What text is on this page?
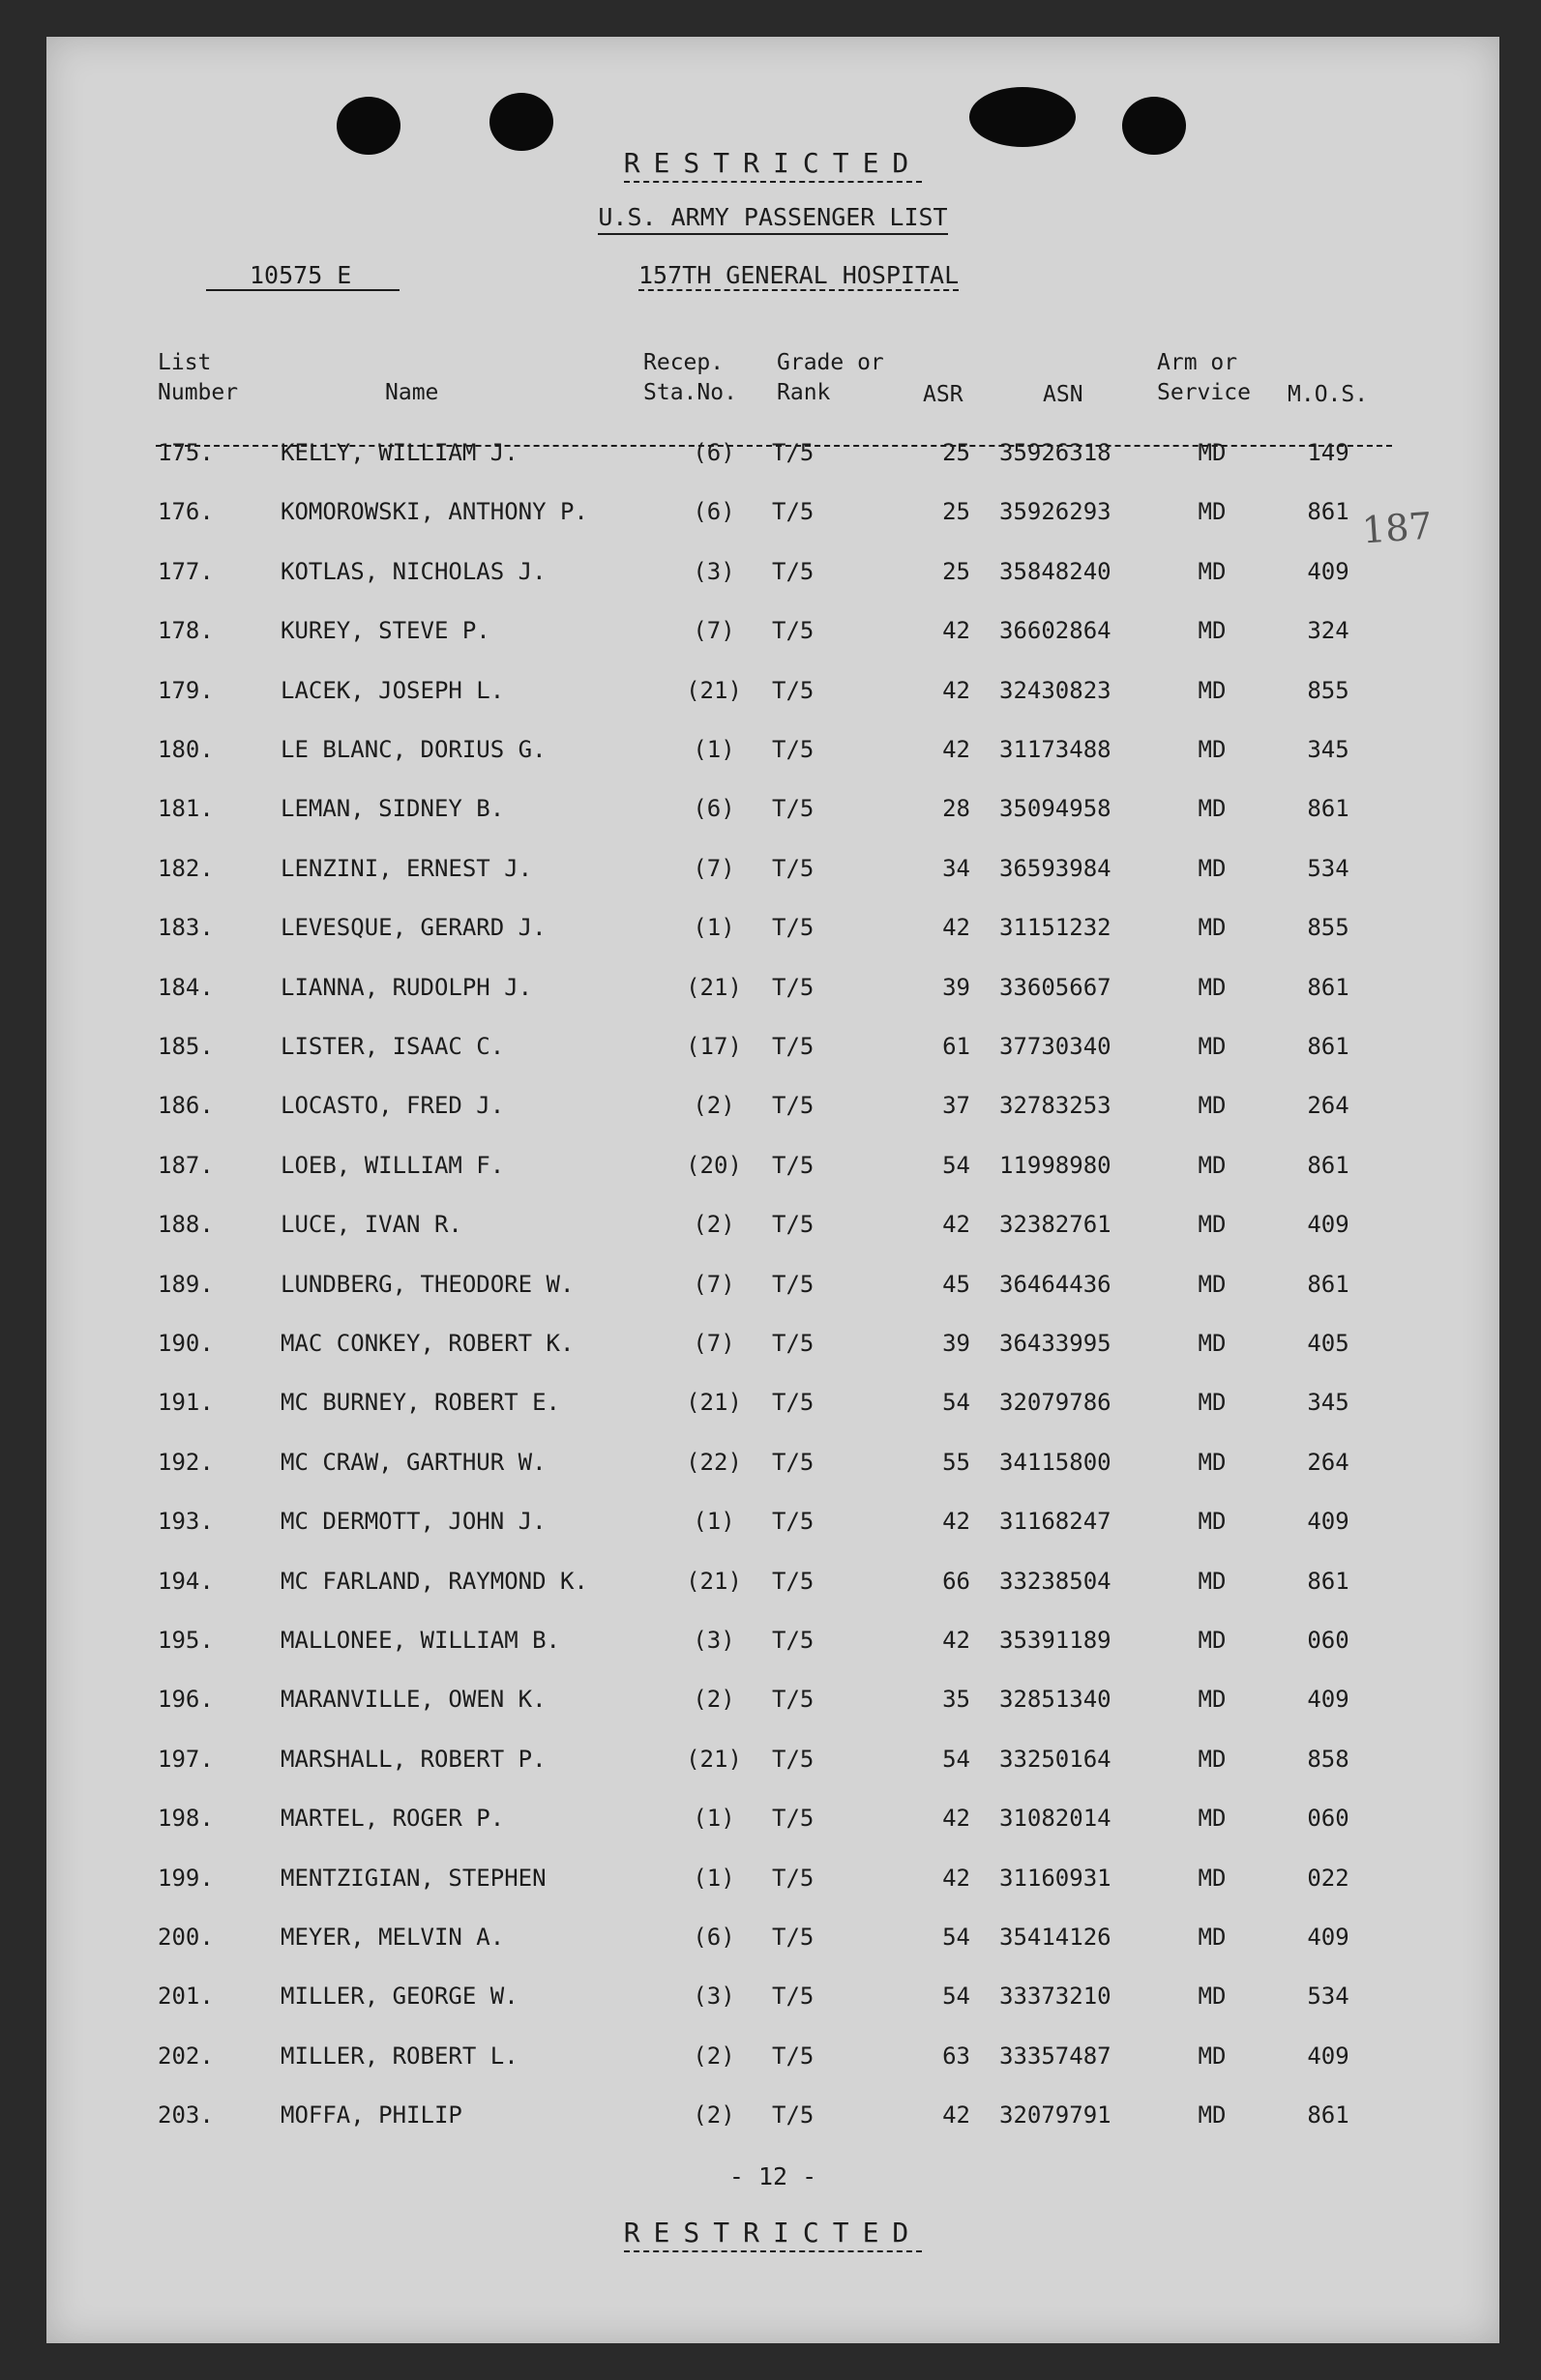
RESTRICTED
U.S. ARMY PASSENGER LIST
10575 E	157TH GENERAL HOSPITAL
List
Number	Name
Recep.
Sta.No.
Grade or
Rank	ASR	ASN
Arm or
Service M.O.S.
187
175.	KELLY, WILLIAM J.	(6)	T/5	25 35926318	MD	149
176.	KOMOROWSKI, ANTHONY P.	(6)	T/5	25 35926293	MD	861
177.	KOTLAS, NICHOLAS J.	(3)	T/5	25 35848240	MD	409
178.	KUREY, STEVE P.	(7)	T/5	42 36602864	MD	324
179.	LACEK, JOSEPH L.	(21)	T/5	42 32430823	MD	855
180.	LE BLANC, DORIUS G.	(1)	T/5	42 31173488	MD	345
181.	LEMAN, SIDNEY B.	(6)	T/5	28 35094958	MD	861
182.	LENZINI, ERNEST J.	(7)	T/5	34 36593984	MD	534
183.	LEVESQUE, GERARD J.	(1)	T/5	42 31151232	MD	855
184.	LIANNA, RUDOLPH J.	(21)	T/5	39 33605667	MD	861
185.	LISTER, ISAAC C.	(17)	T/5	61 37730340	MD	861
186.	LOCASTO, FRED J.	(2)	T/5	37 32783253	MD	264
187.	LOEB, WILLIAM F.	(20)	T/5	54 11998980	MD	861
188.	LUCE, IVAN R.	(2)	T/5	42 32382761	MD	409
189.	LUNDBERG, THEODORE W.	(7)	T/5	45 36464436	MD	861
190.	MAC CONKEY, ROBERT K.	(7)	T/5	39 36433995	MD	405
191.	MC BURNEY, ROBERT E.	(21)	T/5	54 32079786	MD	345
192.	MC CRAW, GARTHUR W.	(22)	T/5	55 34115800	MD	264
193.	MC DERMOTT, JOHN J.	(1)	T/5	42 31168247	MD	409
194.	MC FARLAND, RAYMOND K.	(21)	T/5	66 33238504	MD	861
195.	MALLONEE, WILLIAM B.	(3)	T/5	42 35391189	MD	060
196.	MARANVILLE, OWEN K.	(2)	T/5	35 32851340	MD	409
197.	MARSHALL, ROBERT P.	(21)	T/5	54 33250164	MD	858
198.	MARTEL, ROGER P.	(1)	T/5	42 31082014	MD	060
199.	MENTZIGIAN, STEPHEN	(1)	T/5	42 31160931	MD	022
200.	MEYER, MELVIN A.	(6)	T/5	54 35414126	MD	409
201.	MILLER, GEORGE W.	(3)	T/5	54 33373210	MD	534
202.	MILLER, ROBERT L.	(2)	T/5	63 33357487	MD	409
203.	MOFFA, PHILIP	(2)	T/5	42 32079791	MD	861
- 12 -
RESTRICTED
